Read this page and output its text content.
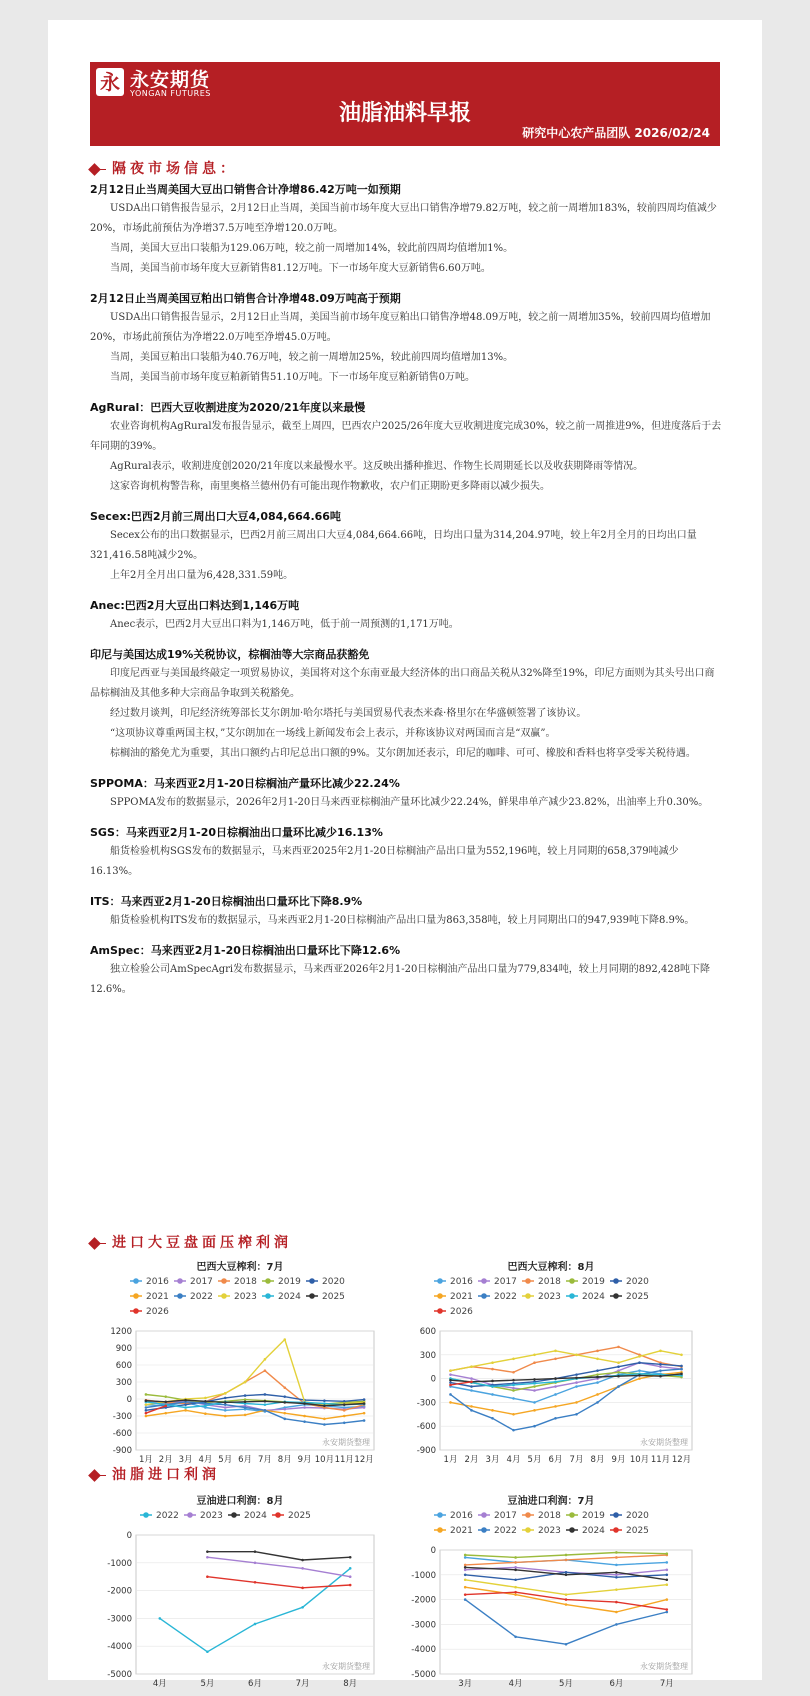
永 永安期货
YONGAN FUTURES
油脂油料早报
研究中心农产品团队 2026/02/24
隔夜市场信息：

2月12日止当周美国大豆出口销售合计净增86.42万吨一如预期

USDA出口销售报告显示，2月12日止当周，美国当前市场年度大豆出口销售净增79.82万吨，较之前一周增加183%，较前四周均值减少20%，市场此前预估为净增37.5万吨至净增120.0万吨。

当周，美国大豆出口装船为129.06万吨，较之前一周增加14%，较此前四周均值增加1%。

当周，美国当前市场年度大豆新销售81.12万吨。下一市场年度大豆新销售6.60万吨。

2月12日止当周美国豆粕出口销售合计净增48.09万吨高于预期

USDA出口销售报告显示，2月12日止当周，美国当前市场年度豆粕出口销售净增48.09万吨，较之前一周增加35%，较前四周均值增加20%，市场此前预估为净增22.0万吨至净增45.0万吨。

当周，美国豆粕出口装船为40.76万吨，较之前一周增加25%，较此前四周均值增加13%。

当周，美国当前市场年度豆粕新销售51.10万吨。下一市场年度豆粕新销售0万吨。

AgRural：巴西大豆收割进度为2020/21年度以来最慢

农业咨询机构AgRural发布报告显示，截至上周四，巴西农户2025/26年度大豆收割进度完成30%，较之前一周推进9%，但进度落后于去年同期的39%。

AgRural表示，收割进度创2020/21年度以来最慢水平。这反映出播种推迟、作物生长周期延长以及收获期降雨等情况。

这家咨询机构警告称，南里奥格兰德州仍有可能出现作物歉收，农户们正期盼更多降雨以减少损失。

Secex:巴西2月前三周出口大豆4,084,664.66吨

Secex公布的出口数据显示，巴西2月前三周出口大豆4,084,664.66吨，日均出口量为314,204.97吨，较上年2月全月的日均出口量321,416.58吨减少2%。

上年2月全月出口量为6,428,331.59吨。

Anec:巴西2月大豆出口料达到1,146万吨

Anec表示，巴西2月大豆出口料为1,146万吨，低于前一周预测的1,171万吨。

印尼与美国达成19%关税协议，棕榈油等大宗商品获豁免

印度尼西亚与美国最终敲定一项贸易协议，美国将对这个东南亚最大经济体的出口商品关税从32%降至19%，印尼方面则为其头号出口商品棕榈油及其他多种大宗商品争取到关税豁免。

经过数月谈判，印尼经济统筹部长艾尔朗加·哈尔塔托与美国贸易代表杰米森·格里尔在华盛顿签署了该协议。

“这项协议尊重两国主权，”艾尔朗加在一场线上新闻发布会上表示，并称该协议对两国而言是“双赢”。

棕榈油的豁免尤为重要，其出口额约占印尼总出口额的9%。艾尔朗加还表示，印尼的咖啡、可可、橡胶和香料也将享受零关税待遇。

SPPOMA：马来西亚2月1-20日棕榈油产量环比减少22.24%

SPPOMA发布的数据显示，2026年2月1-20日马来西亚棕榈油产量环比减少22.24%，鲜果串单产减少23.82%，出油率上升0.30%。

SGS：马来西亚2月1-20日棕榈油出口量环比减少16.13%

船货检验机构SGS发布的数据显示，马来西亚2025年2月1-20日棕榈油产品出口量为552,196吨，较上月同期的658,379吨减少16.13%。

ITS：马来西亚2月1-20日棕榈油出口量环比下降8.9%

船货检验机构ITS发布的数据显示，马来西亚2月1-20日棕榈油产品出口量为863,358吨，较上月同期出口的947,939吨下降8.9%。

AmSpec：马来西亚2月1-20日棕榈油出口量环比下降12.6%

独立检验公司AmSpecAgri发布数据显示，马来西亚2026年2月1-20日棕榈油产品出口量为779,834吨，较上月同期的892,428吨下降12.6%。

进口大豆盘面压榨利润
巴西大豆榨利：7月
2016 2017 2018 2019 2020
2021 2022 2023 2024 2025
2026
1200
900
600
300
0
-300
-600
-900
1月 2月 3月 4月 5月 6月 7月 8月 9月 10月 11月 12月
永安期货整理
巴西大豆榨利：8月
2016 2017 2018 2019 2020
2021 2022 2023 2024 2025
2026
600
300
0
-300
-600
-900
1月 2月 3月 4月 5月 6月 7月 8月 9月 10月 11月 12月
永安期货整理
油脂进口利润
豆油进口利润：8月
2022 2023 2024 2025
0
-1000
-2000
-3000
-4000
-5000
4月	5月	6月	7月	8月
永安期货整理
豆油进口利润：7月
2016 2017 2018 2019 2020
2021 2022 2023 2024 2025
0
-1000
-2000
-3000
-4000
-5000
3月	4月	5月	6月	7月
永安期货整理
